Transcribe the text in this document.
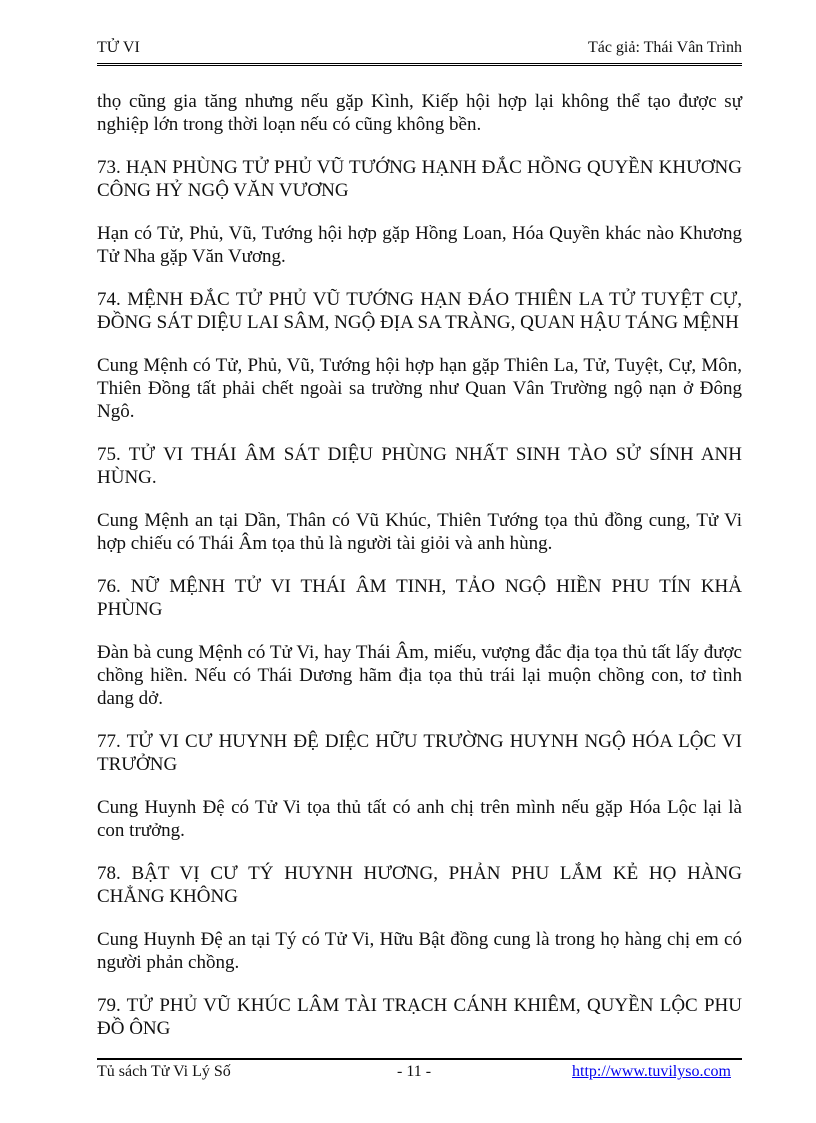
TỬ VI	Tác giả: Thái Vân Trình

thọ cũng gia tăng nhưng nếu gặp Kình, Kiếp hội hợp lại không thể tạo được sự nghiệp lớn trong thời loạn nếu có cũng không bền.

73. HẠN PHÙNG TỬ PHỦ VŨ TƯỚNG HẠNH ĐẮC HỒNG QUYỀN KHƯƠNG CÔNG HỶ NGỘ VĂN VƯƠNG

Hạn có Tử, Phủ, Vũ, Tướng hội hợp gặp Hồng Loan, Hóa Quyền khác nào Khương Tử Nha gặp Văn Vương.

74. MỆNH ĐẮC TỬ PHỦ VŨ TƯỚNG HẠN ĐÁO THIÊN LA TỬ TUYỆT CỰ, ĐỒNG SÁT DIỆU LAI SÂM, NGỘ ĐỊA SA TRÀNG, QUAN HẬU TÁNG MỆNH

Cung Mệnh có Tử, Phủ, Vũ, Tướng hội hợp hạn gặp Thiên La, Tử, Tuyệt, Cự, Môn, Thiên Đồng tất phải chết ngoài sa trường như Quan Vân Trường ngộ nạn ở Đông Ngô.

75. TỬ VI THÁI ÂM SÁT DIỆU PHÙNG NHẤT SINH TÀO SỬ SÍNH ANH HÙNG.

Cung Mệnh an tại Dần, Thân có Vũ Khúc, Thiên Tướng tọa thủ đồng cung, Tử Vi hợp chiếu có Thái Âm tọa thủ là người tài giỏi và anh hùng.

76. NỮ MỆNH TỬ VI THÁI ÂM TINH, TẢO NGỘ HIỀN PHU TÍN KHẢ PHÙNG

Đàn bà cung Mệnh có Tử Vi, hay Thái Âm, miếu, vượng đắc địa tọa thủ tất lấy được chồng hiền. Nếu có Thái Dương hãm địa tọa thủ trái lại muộn chồng con, tơ tình dang dở.

77. TỬ VI CƯ HUYNH ĐỆ DIỆC HỮU TRƯỜNG HUYNH NGỘ HÓA LỘC VI TRƯỞNG

Cung Huynh Đệ có Tử Vi tọa thủ tất có anh chị trên mình nếu gặp Hóa Lộc lại là con trưởng.

78. BẬT VỊ CƯ TÝ HUYNH HƯƠNG, PHẢN PHU LẮM KẺ HỌ HÀNG CHẲNG KHÔNG

Cung Huynh Đệ an tại Tý có Tử Vi, Hữu Bật đồng cung là trong họ hàng chị em có người phản chồng.

79. TỬ PHỦ VŨ KHÚC LÂM TÀI TRẠCH CÁNH KHIÊM, QUYỀN LỘC PHU ĐỒ ÔNG

Tủ sách Tử Vi Lý Số	- 11 -	http://www.tuvilyso.com
